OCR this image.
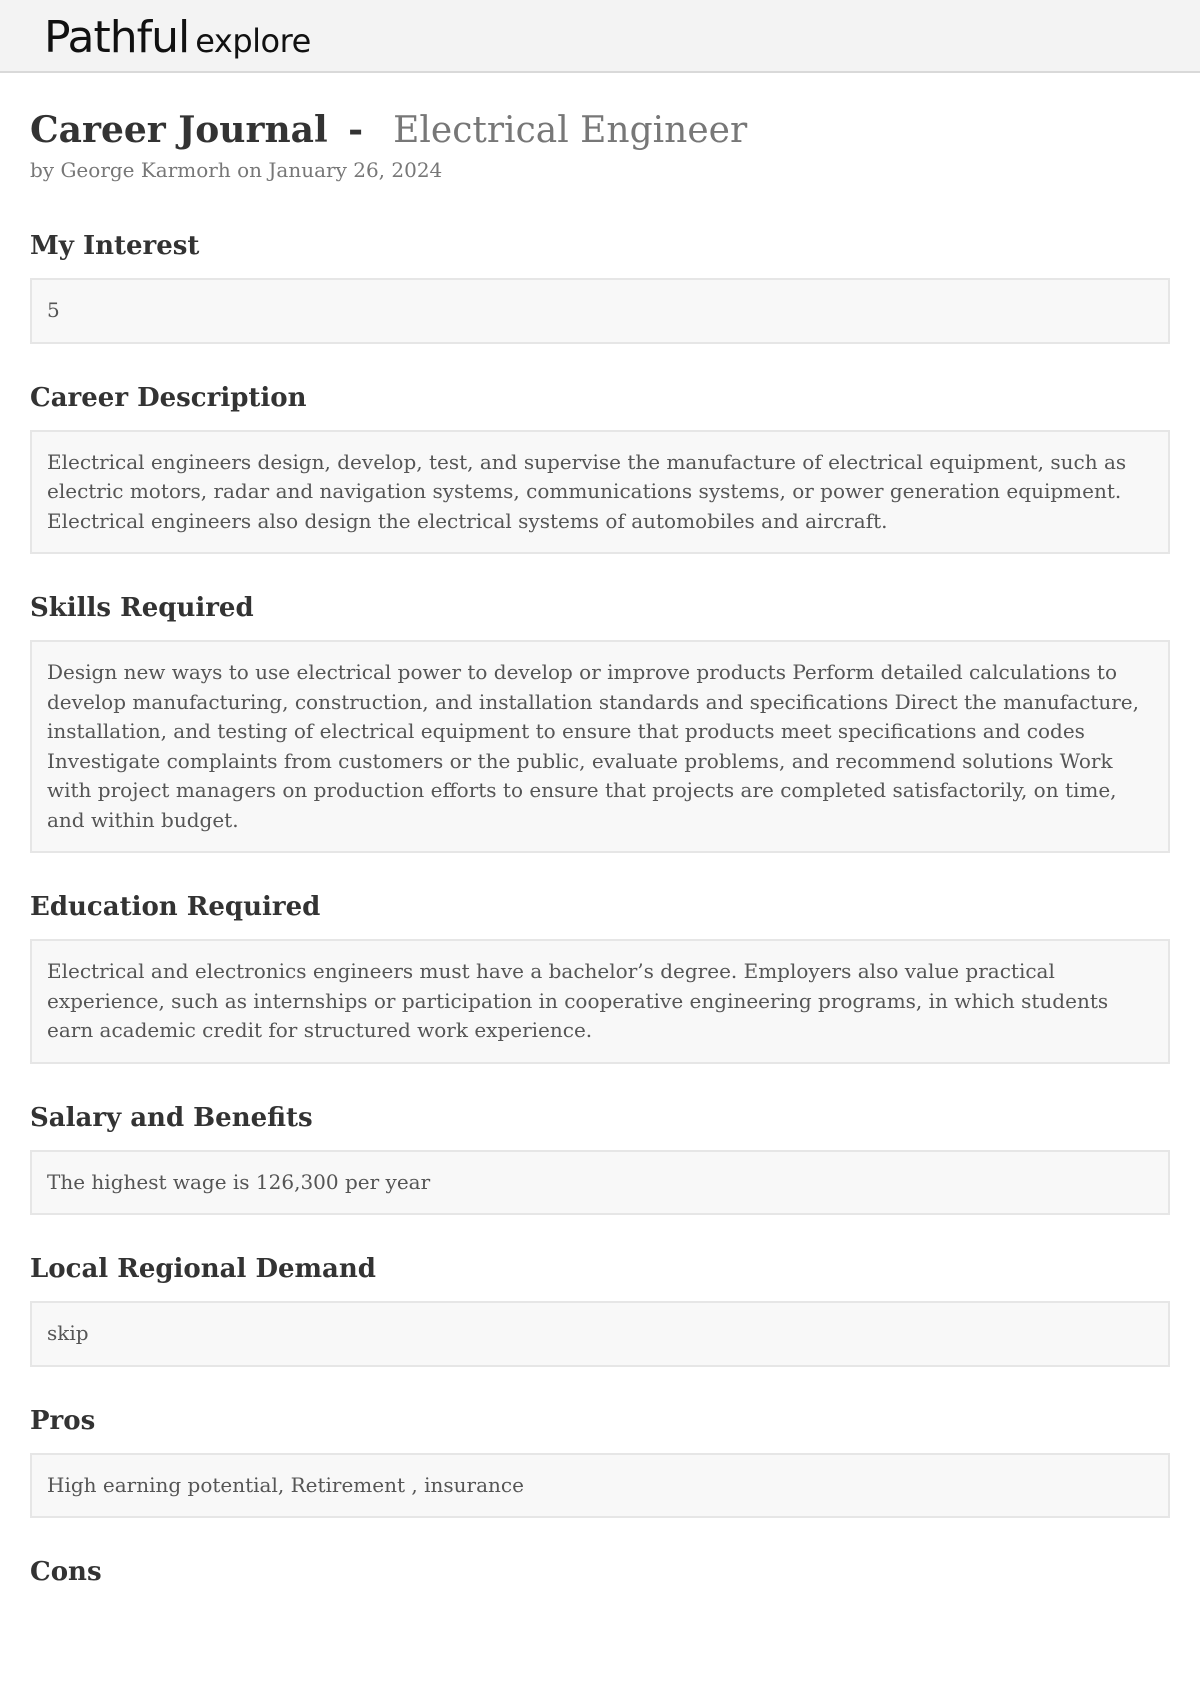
Pathful explore
Career Journal - Electrical Engineer
by George Karmorh on January 26, 2024
My Interest
5
Career Description
Electrical engineers design, develop, test, and supervise the manufacture of electrical equipment, such as electric motors, radar and navigation systems, communications systems, or power generation equipment. Electrical engineers also design the electrical systems of automobiles and aircraft.
Skills Required
Design new ways to use electrical power to develop or improve products Perform detailed calculations to develop manufacturing, construction, and installation standards and specifications Direct the manufacture, installation, and testing of electrical equipment to ensure that products meet specifications and codes Investigate complaints from customers or the public, evaluate problems, and recommend solutions Work with project managers on production efforts to ensure that projects are completed satisfactorily, on time, and within budget.
Education Required
Electrical and electronics engineers must have a bachelor’s degree. Employers also value practical experience, such as internships or participation in cooperative engineering programs, in which students earn academic credit for structured work experience.
Salary and Benefits
The highest wage is 126,300 per year
Local Regional Demand
skip
Pros
High earning potential, Retirement , insurance
Cons
